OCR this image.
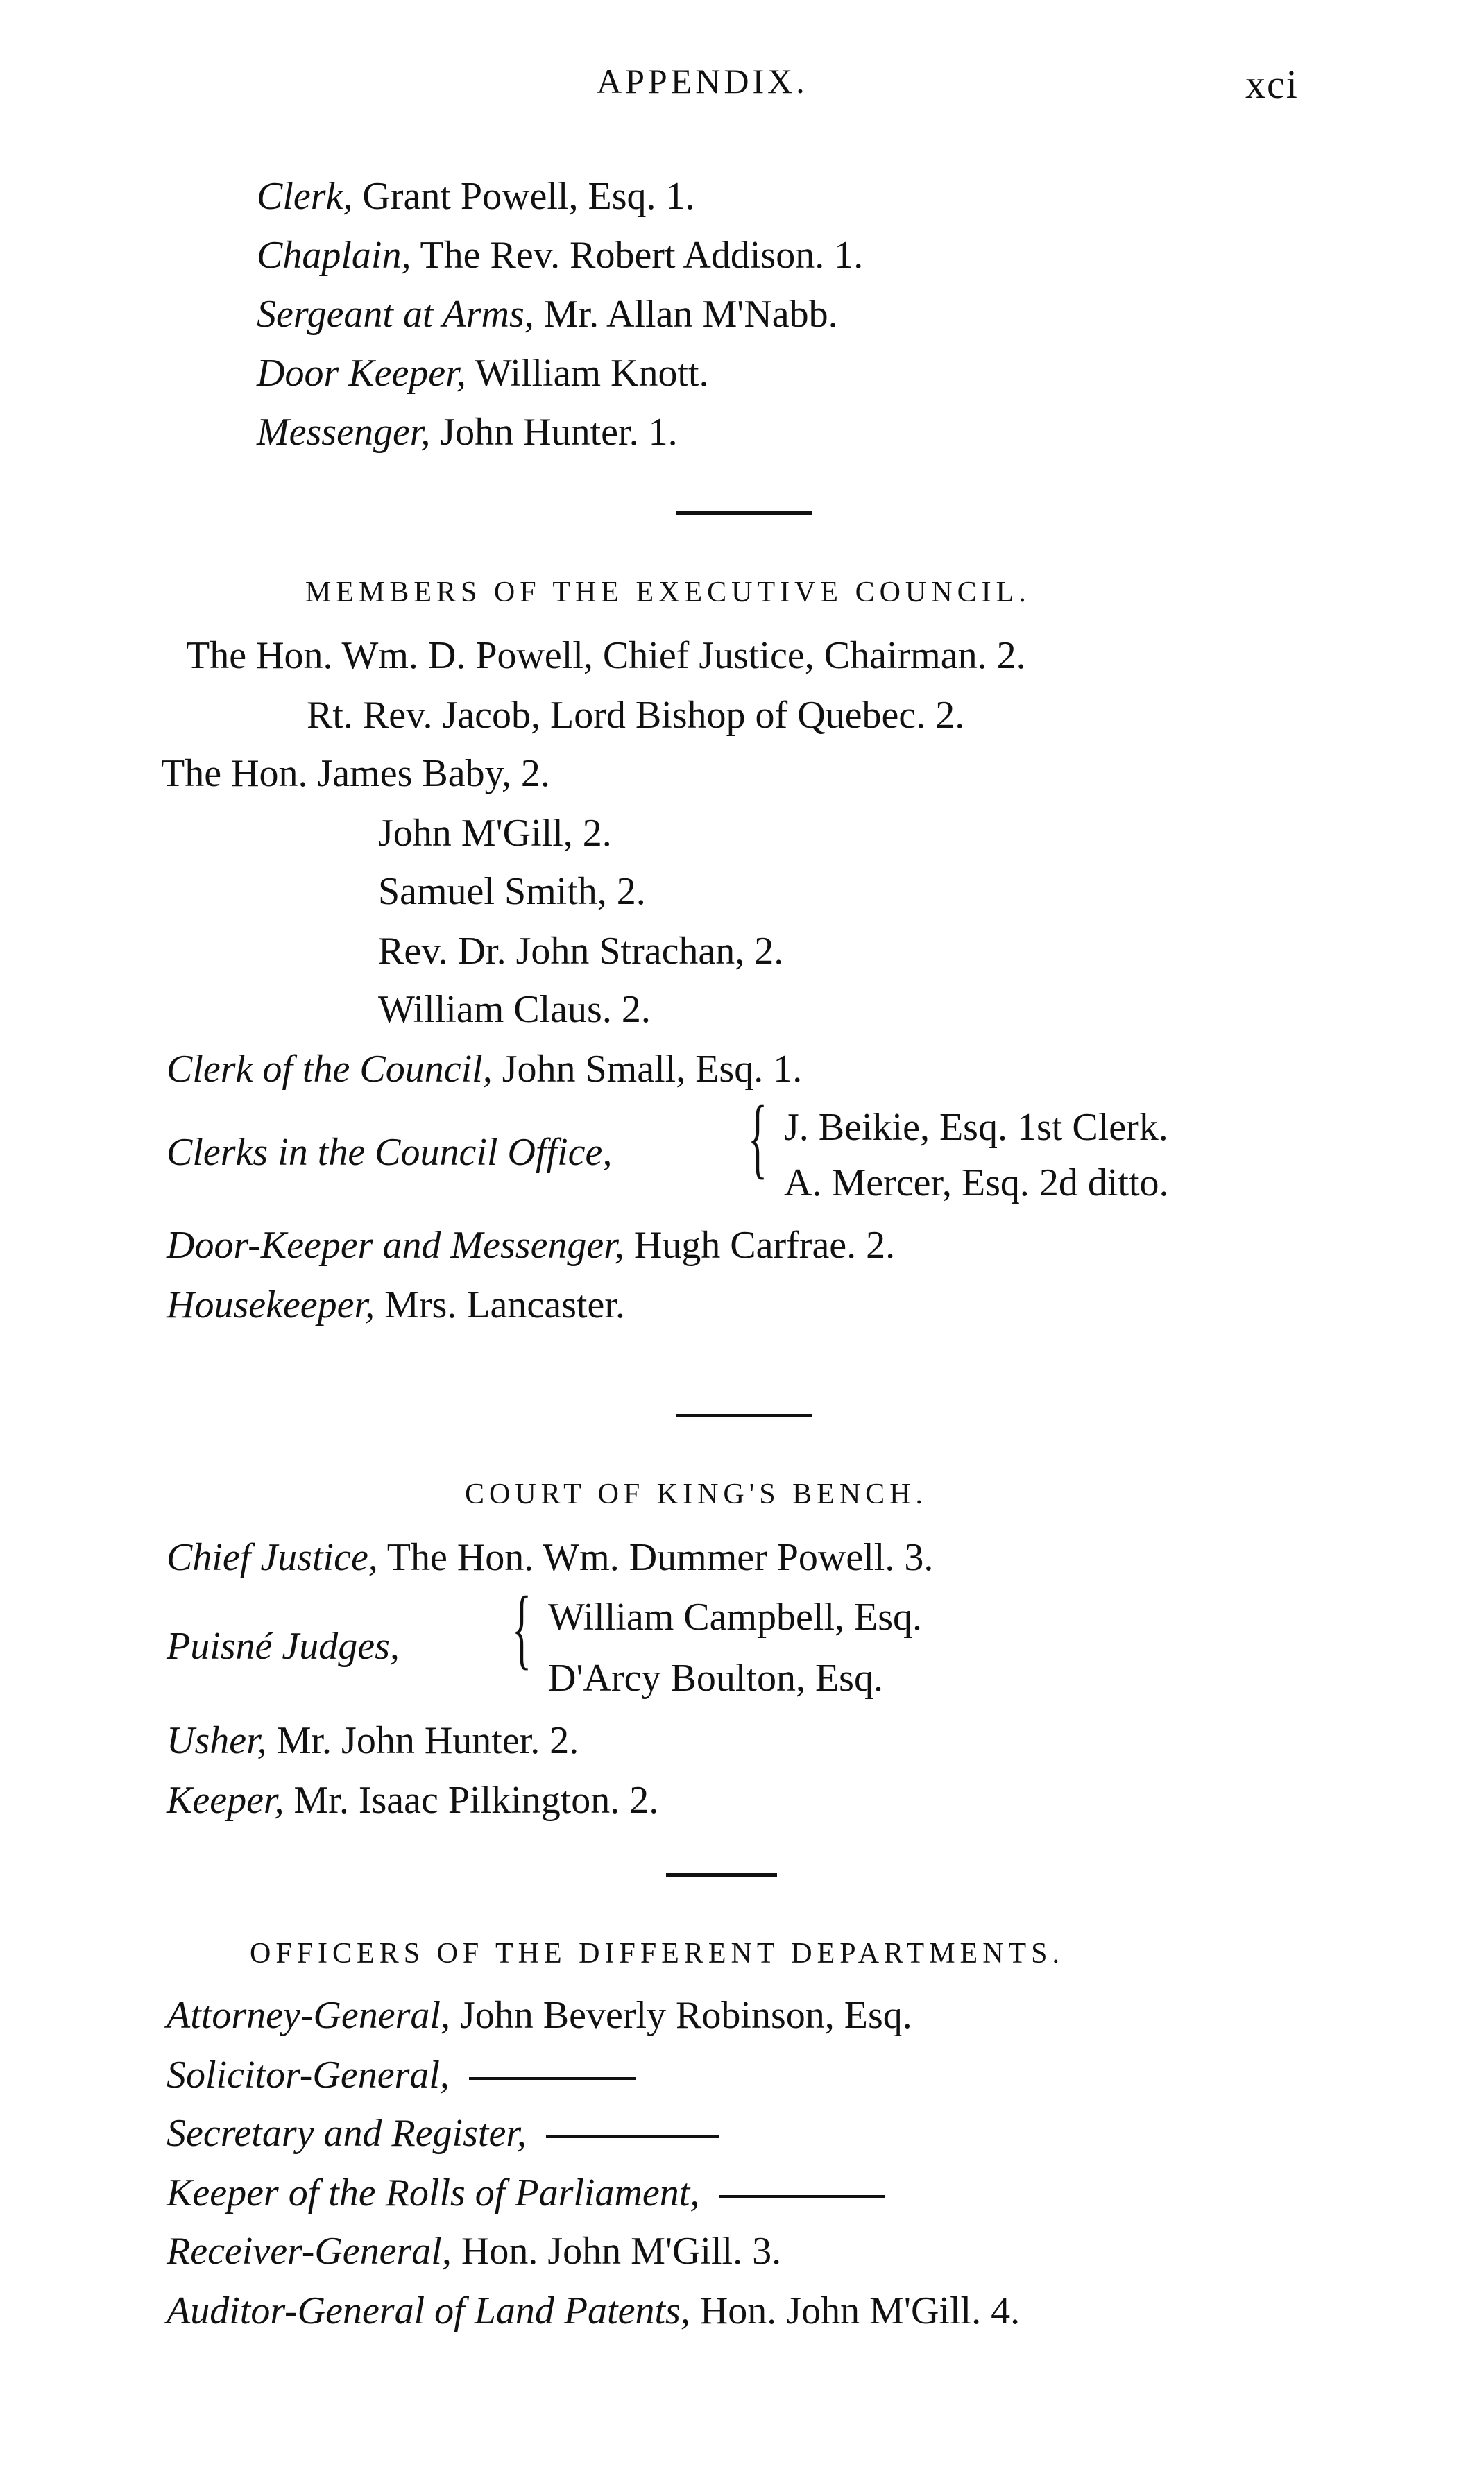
APPENDIX.	xci
Clerk, Grant Powell, Esq. 1.
Chaplain, The Rev. Robert Addison. 1.
Sergeant at Arms, Mr. Allan M'Nabb.
Door Keeper, William Knott.
Messenger, John Hunter. 1.
MEMBERS OF THE EXECUTIVE COUNCIL.
The Hon. Wm. D. Powell, Chief Justice, Chairman. 2.
Rt. Rev. Jacob, Lord Bishop of Quebec. 2.
The Hon. James Baby, 2.
John M'Gill, 2.
Samuel Smith, 2.
Rev. Dr. John Strachan, 2.
William Claus. 2.
Clerk of the Council, John Small, Esq. 1.
Clerks in the Council Office, { J. Beikie, Esq. 1st Clerk.
A. Mercer, Esq. 2d ditto.
Door-Keeper and Messenger, Hugh Carfrae. 2.
Housekeeper, Mrs. Lancaster.
COURT OF KING'S BENCH.
Chief Justice, The Hon. Wm. Dummer Powell. 3.
Puisné Judges, { William Campbell, Esq.
D'Arcy Boulton, Esq.
Usher, Mr. John Hunter. 2.
Keeper, Mr. Isaac Pilkington. 2.
OFFICERS OF THE DIFFERENT DEPARTMENTS.
Attorney-General, John Beverly Robinson, Esq.
Solicitor-General,
Secretary and Register,
Keeper of the Rolls of Parliament,
Receiver-General, Hon. John M'Gill. 3.
Auditor-General of Land Patents, Hon. John M'Gill. 4.
